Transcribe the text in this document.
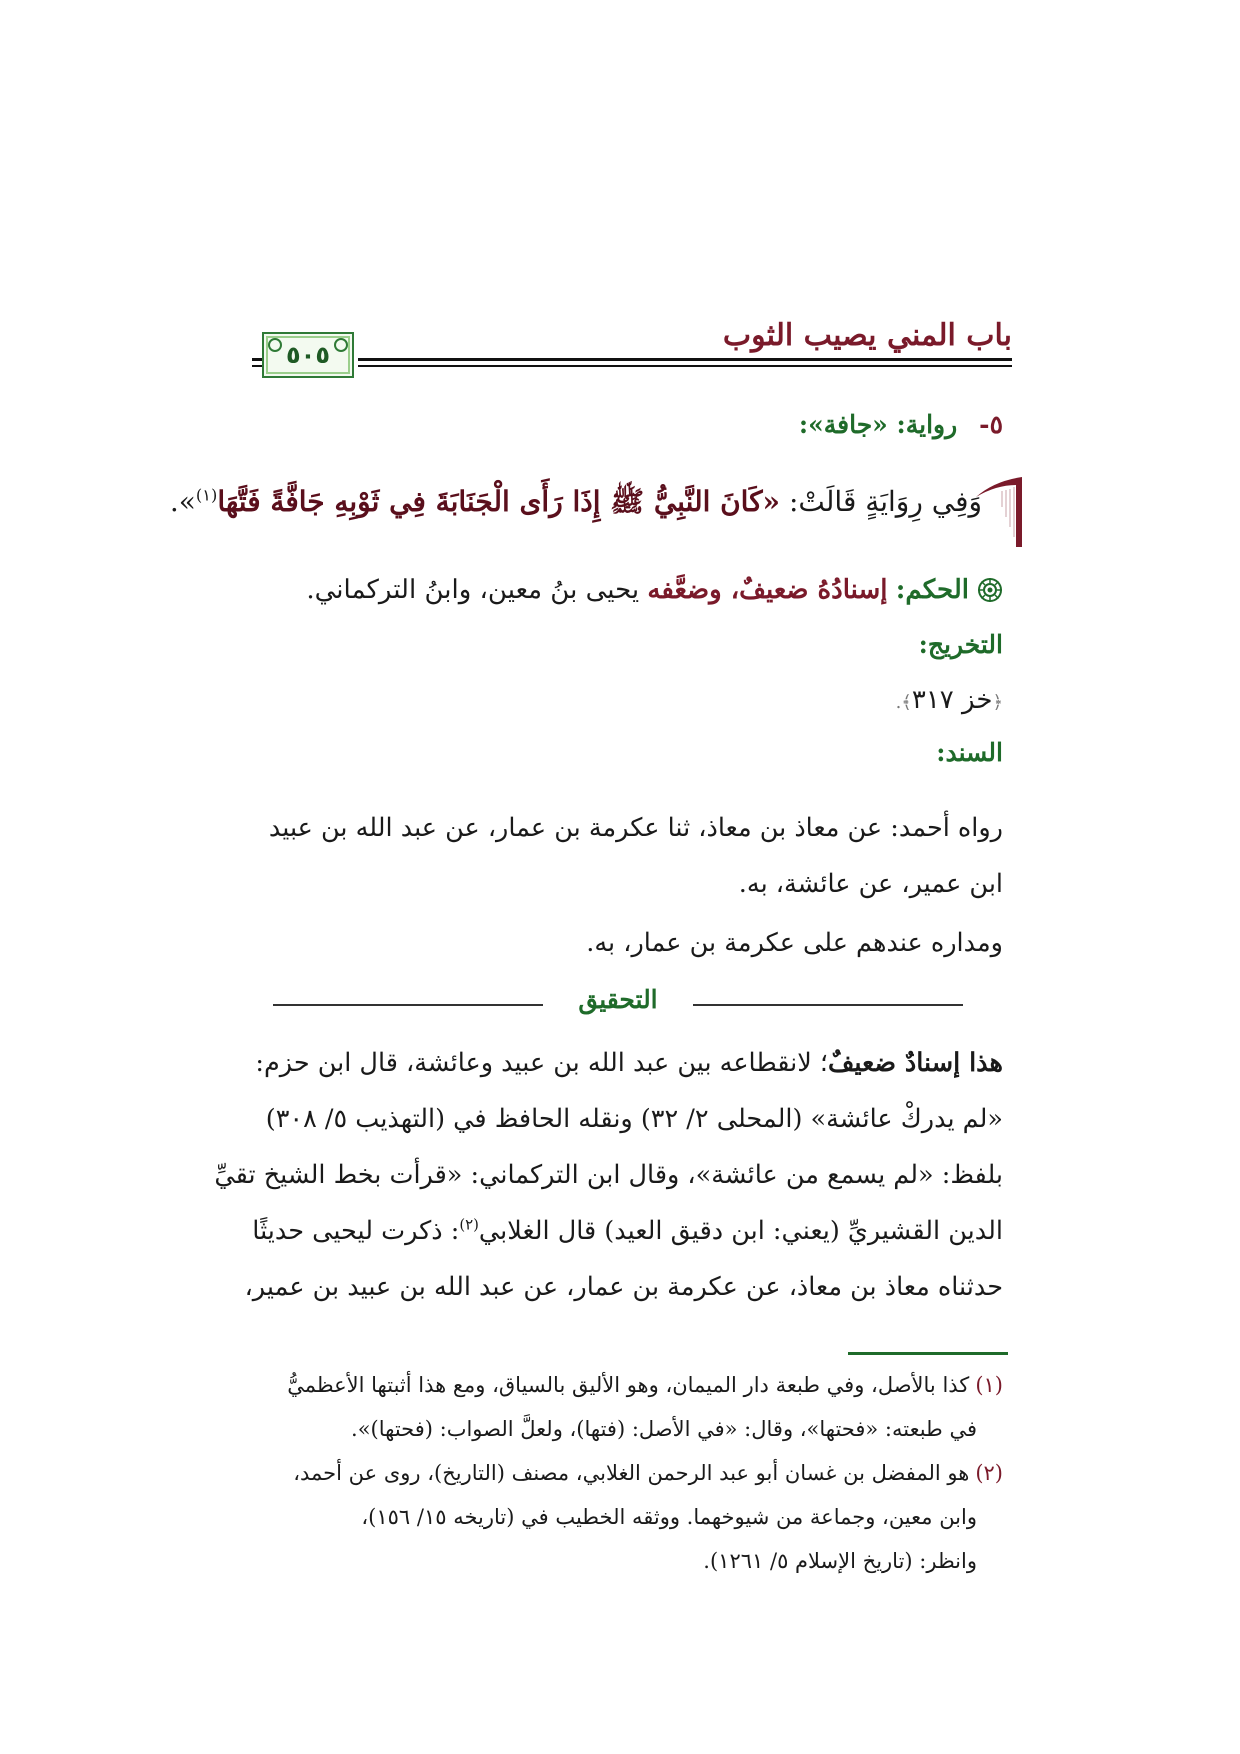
باب المني يصيب الثوب
٥٠٥
٥-رواية: «جافة»:
وَفِي رِوَايَةٍ قَالَتْ: «كَانَ النَّبِيُّ ﷺ إِذَا رَأَى الْجَنَابَةَ فِي ثَوْبِهِ جَافَّةً فَتَّهَا$^{(١)}$».
الحكم: إسنادُهُ ضعيفٌ، وضعَّفه يحيى بنُ معين، وابنُ التركماني.
التخريج:
﴿خز ٣١٧﴾.
السند:
رواه أحمد: عن معاذ بن معاذ، ثنا عكرمة بن عمار، عن عبد الله بن عبيد
ابن عمير، عن عائشة، به.
ومداره عندهم على عكرمة بن عمار، به.
التحقيق
هذا إسنادٌ ضعيفٌ؛ لانقطاعه بين عبد الله بن عبيد وعائشة، قال ابن حزم:
«لم يدركْ عائشة» (المحلى ٢/ ٣٢) ونقله الحافظ في (التهذيب ٥/ ٣٠٨)
بلفظ: «لم يسمع من عائشة»، وقال ابن التركماني: «قرأت بخط الشيخ تقيِّ
الدين القشيريِّ (يعني: ابن دقيق العيد) قال الغلابي$^{(٢)}$: ذكرت ليحيى حديثًا
حدثناه معاذ بن معاذ، عن عكرمة بن عمار، عن عبد الله بن عبيد بن عمير،
(١)كذا بالأصل، وفي طبعة دار الميمان، وهو الأليق بالسياق، ومع هذا أثبتها الأعظميُّ
في طبعته: «فحتها»، وقال: «في الأصل: (فتها)، ولعلَّ الصواب: (فحتها)».
(٢)هو المفضل بن غسان أبو عبد الرحمن الغلابي، مصنف (التاريخ)، روى عن أحمد،
وابن معين، وجماعة من شيوخهما. ووثقه الخطيب في (تاريخه ١٥/ ١٥٦)،
وانظر: (تاريخ الإسلام ٥/ ١٢٦١).
